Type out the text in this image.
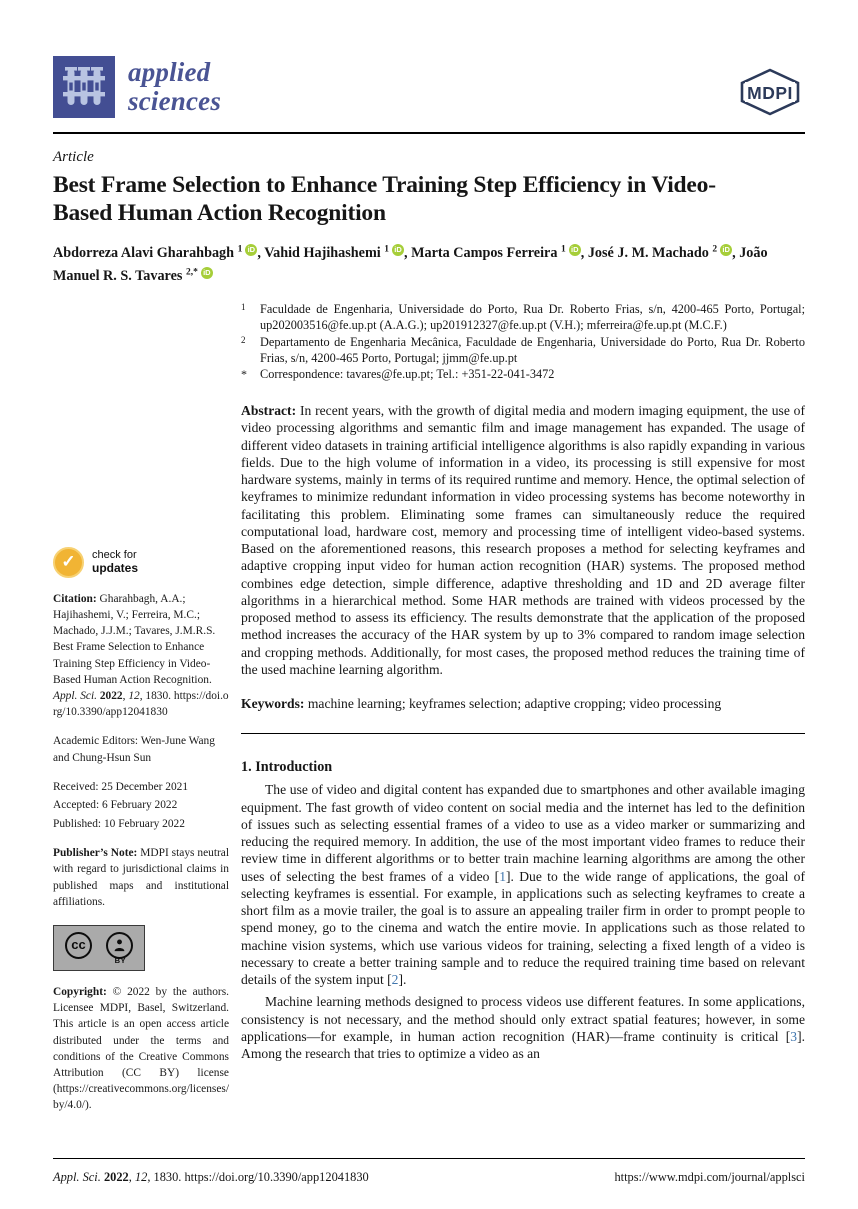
applied
sciences	MDPI
Article
Best Frame Selection to Enhance Training Step Efficiency in Video-Based Human Action Recognition
Abdorreza Alavi Gharahbagh $^1$ iD , Vahid Hajihashemi $^1$ iD , Marta Campos Ferreira $^1$ iD , José J. M. Machado $^2$ iD , João Manuel R. S. Tavares $^{2,*}$ iD
✓	check for
updates
Citation: Gharahbagh, A.A.; Hajihashemi, V.; Ferreira, M.C.; Machado, J.J.M.; Tavares, J.M.R.S. Best Frame Selection to Enhance Training Step Efficiency in Video-Based Human Action Recognition. Appl. Sci. 2022, 12, 1830. https://doi.org/10.3390/app12041830
Academic Editors: Wen-June Wang and Chung-Hsun Sun
Received: 25 December 2021
Accepted: 6 February 2022
Published: 10 February 2022
Publisher’s Note: MDPI stays neutral with regard to jurisdictional claims in published maps and institutional affiliations.
cc
BY
Copyright: © 2022 by the authors. Licensee MDPI, Basel, Switzerland. This article is an open access article distributed under the terms and conditions of the Creative Commons Attribution (CC BY) license (https://creativecommons.org/licenses/by/4.0/).
1	Faculdade de Engenharia, Universidade do Porto, Rua Dr. Roberto Frias, s/n, 4200-465 Porto, Portugal; up202003516@fe.up.pt (A.A.G.); up201912327@fe.up.pt (V.H.); mferreira@fe.up.pt (M.C.F.)
2	Departamento de Engenharia Mecânica, Faculdade de Engenharia, Universidade do Porto, Rua Dr. Roberto Frias, s/n, 4200-465 Porto, Portugal; jjmm@fe.up.pt
*	Correspondence: tavares@fe.up.pt; Tel.: +351-22-041-3472
Abstract: In recent years, with the growth of digital media and modern imaging equipment, the use of video processing algorithms and semantic film and image management has expanded. The usage of different video datasets in training artificial intelligence algorithms is also rapidly expanding in various fields. Due to the high volume of information in a video, its processing is still expensive for most hardware systems, mainly in terms of its required runtime and memory. Hence, the optimal selection of keyframes to minimize redundant information in video processing systems has become noteworthy in facilitating this problem. Eliminating some frames can simultaneously reduce the required computational load, hardware cost, memory and processing time of intelligent video-based systems. Based on the aforementioned reasons, this research proposes a method for selecting keyframes and adaptive cropping input video for human action recognition (HAR) systems. The proposed method combines edge detection, simple difference, adaptive thresholding and 1D and 2D average filter algorithms in a hierarchical method. Some HAR methods are trained with videos processed by the proposed method to assess its efficiency. The results demonstrate that the application of the proposed method increases the accuracy of the HAR system by up to 3% compared to random image selection and cropping methods. Additionally, for most cases, the proposed method reduces the training time of the used machine learning algorithm.
Keywords: machine learning; keyframes selection; adaptive cropping; video processing
1. Introduction

The use of video and digital content has expanded due to smartphones and other available imaging equipment. The fast growth of video content on social media and the internet has led to the definition of issues such as selecting essential frames of a video to use as a video marker or summarizing and reducing the required memory. In addition, the use of the most important video frames to reduce their review time in different algorithms or to better train machine learning algorithms are among the other uses of selecting the best frames of a video [1]. Due to the wide range of applications, the goal of selecting keyframes is essential. For example, in applications such as selecting keyframes to create a short film as a movie trailer, the goal is to assure an appealing trailer firm in order to prompt people to spend money, go to the cinema and watch the entire movie. In applications such as those related to machine vision systems, which use various videos for training, selecting a fixed length of a video is necessary to create a better training sample and to reduce the required training time based on relevant details of the system input [2].

Machine learning methods designed to process videos use different features. In some applications, consistency is not necessary, and the method should only extract spatial features; however, in some applications—for example, in human action recognition (HAR)—frame continuity is critical [3]. Among the research that tries to optimize a video as an

Appl. Sci. 2022, 12, 1830. https://doi.org/10.3390/app12041830	https://www.mdpi.com/journal/applsci
